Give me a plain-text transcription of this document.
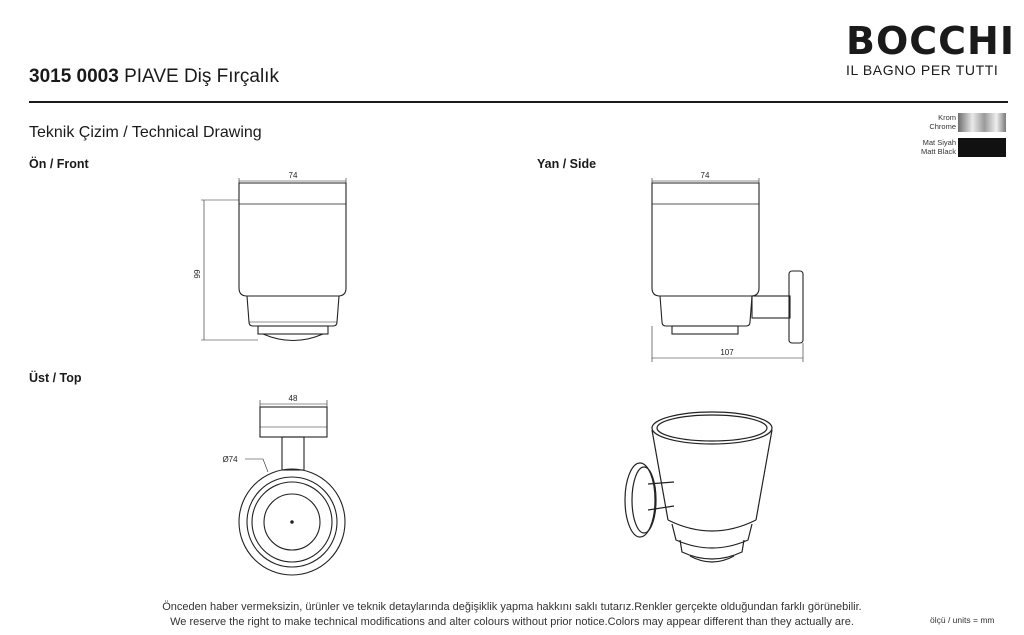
3015 0003 PIAVE Diş Fırçalık
BOCCHI
IL BAGNO PER TUTTI
Teknik Çizim / Technical Drawing
Krom
Chrome
Mat Siyah
Matt Black
Ön / Front	Yan / Side
Üst / Top
74
99
74
107
48
Ø74
Önceden haber vermeksizin, ürünler ve teknik detaylarında değişiklik yapma hakkını saklı tutarız.Renkler gerçekte olduğundan farklı görünebilir.
We reserve the right to make technical modifications and alter colours without prior notice.Colors may appear different than they actually are.	ölçü / units = mm
